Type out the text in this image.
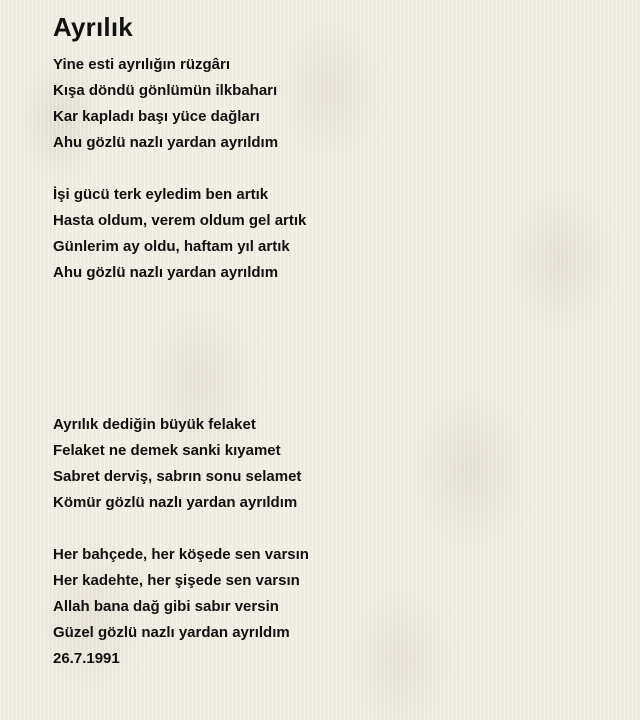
Ayrılık
Yine esti ayrılığın rüzgârı
Kışa döndü gönlümün ilkbaharı
Kar kapladı başı yüce dağları
Ahu gözlü nazlı yardan ayrıldım
İşi gücü terk eyledim ben artık
Hasta oldum, verem oldum gel artık
Günlerim ay oldu, haftam yıl artık
Ahu gözlü nazlı yardan ayrıldım
Ayrılık dediğin büyük felaket
Felaket ne demek sanki kıyamet
Sabret derviş, sabrın sonu selamet
Kömür gözlü nazlı yardan ayrıldım
Her bahçede, her köşede sen varsın
Her kadehte, her şişede sen varsın
Allah bana dağ gibi sabır versin
Güzel gözlü nazlı yardan ayrıldım
26.7.1991
